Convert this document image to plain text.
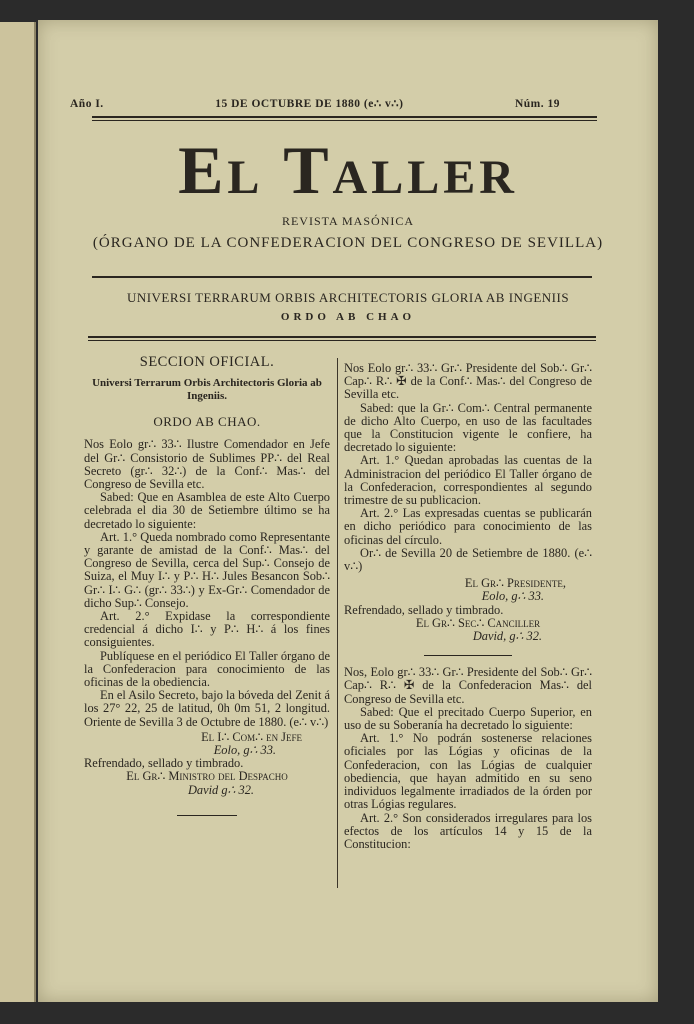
Año I.	15 DE OCTUBRE DE 1880 (e∴ v∴)	Núm. 19
El Taller
REVISTA MASÓNICA
(ÓRGANO DE LA CONFEDERACION DEL CONGRESO DE SEVILLA)
UNIVERSI TERRARUM ORBIS ARCHITECTORIS GLORIA AB INGENIIS
ORDO AB CHAO
SECCION OFICIAL.
Universi Terrarum Orbis Architectoris Gloria ab Ingeniis.
ORDO AB CHAO.

Nos Eolo gr∴ 33∴ Ilustre Comendador en Jefe del Gr∴ Consistorio de Sublimes PP∴ del Real Secreto (gr∴ 32∴) de la Conf∴ Mas∴ del Congreso de Sevilla etc.

Sabed: Que en Asamblea de este Alto Cuerpo celebrada el dia 30 de Setiembre último se ha decretado lo siguiente:

Art. 1.° Queda nombrado como Representante y garante de amistad de la Conf∴ Mas∴ del Congreso de Sevilla, cerca del Sup∴ Consejo de Suiza, el Muy I∴ y P∴ H∴ Jules Besancon Sob∴ Gr∴ I∴ G∴ (gr∴ 33∴) y Ex-Gr∴ Comendador de dicho Sup∴ Consejo.

Art. 2.° Expidase la correspondiente credencial á dicho I∴ y P∴ H∴ á los fines consiguientes.

Publíquese en el periódico El Taller órgano de la Confederacion para conocimiento de las oficinas de la obediencia.

En el Asilo Secreto, bajo la bóveda del Zenit á los 27° 22, 25 de latitud, 0h 0m 51, 2 longitud. Oriente de Sevilla 3 de Octubre de 1880. (e∴ v∴)

El I∴ Com∴ en Jefe
Eolo, g∴ 33.

Refrendado, sellado y timbrado.

El Gr∴ Ministro del Despacho
David g∴ 32.

Nos Eolo gr∴ 33∴ Gr∴ Presidente del Sob∴ Gr∴ Cap∴ R∴ ✠ de la Conf∴ Mas∴ del Congreso de Sevilla etc.

Sabed: que la Gr∴ Com∴ Central permanente de dicho Alto Cuerpo, en uso de las facultades que la Constitucion vigente le confiere, ha decretado lo siguiente:

Art. 1.° Quedan aprobadas las cuentas de la Administracion del periódico El Taller órgano de la Confederacion, correspondientes al segundo trimestre de su publicacion.

Art. 2.° Las expresadas cuentas se publicarán en dicho periódico para conocimiento de las oficinas del círculo.

Or∴ de Sevilla 20 de Setiembre de 1880. (e∴ v∴)

El Gr∴ Presidente,
Eolo, g∴ 33.

Refrendado, sellado y timbrado.

El Gr∴ Sec∴ Canciller
David, g∴ 32.

Nos, Eolo gr∴ 33∴ Gr∴ Presidente del Sob∴ Gr∴ Cap∴ R∴ ✠ de la Confederacion Mas∴ del Congreso de Sevilla etc.

Sabed: Que el precitado Cuerpo Superior, en uso de su Soberanía ha decretado lo siguiente:

Art. 1.° No podrán sostenerse relaciones oficiales por las Lógias y oficinas de la Confederacion, con las Lógias de cualquier obediencia, que hayan admitido en su seno individuos legalmente irradiados de la órden por otras Lógias regulares.

Art. 2.° Son considerados irregulares para los efectos de los artículos 14 y 15 de la Constitucion:
